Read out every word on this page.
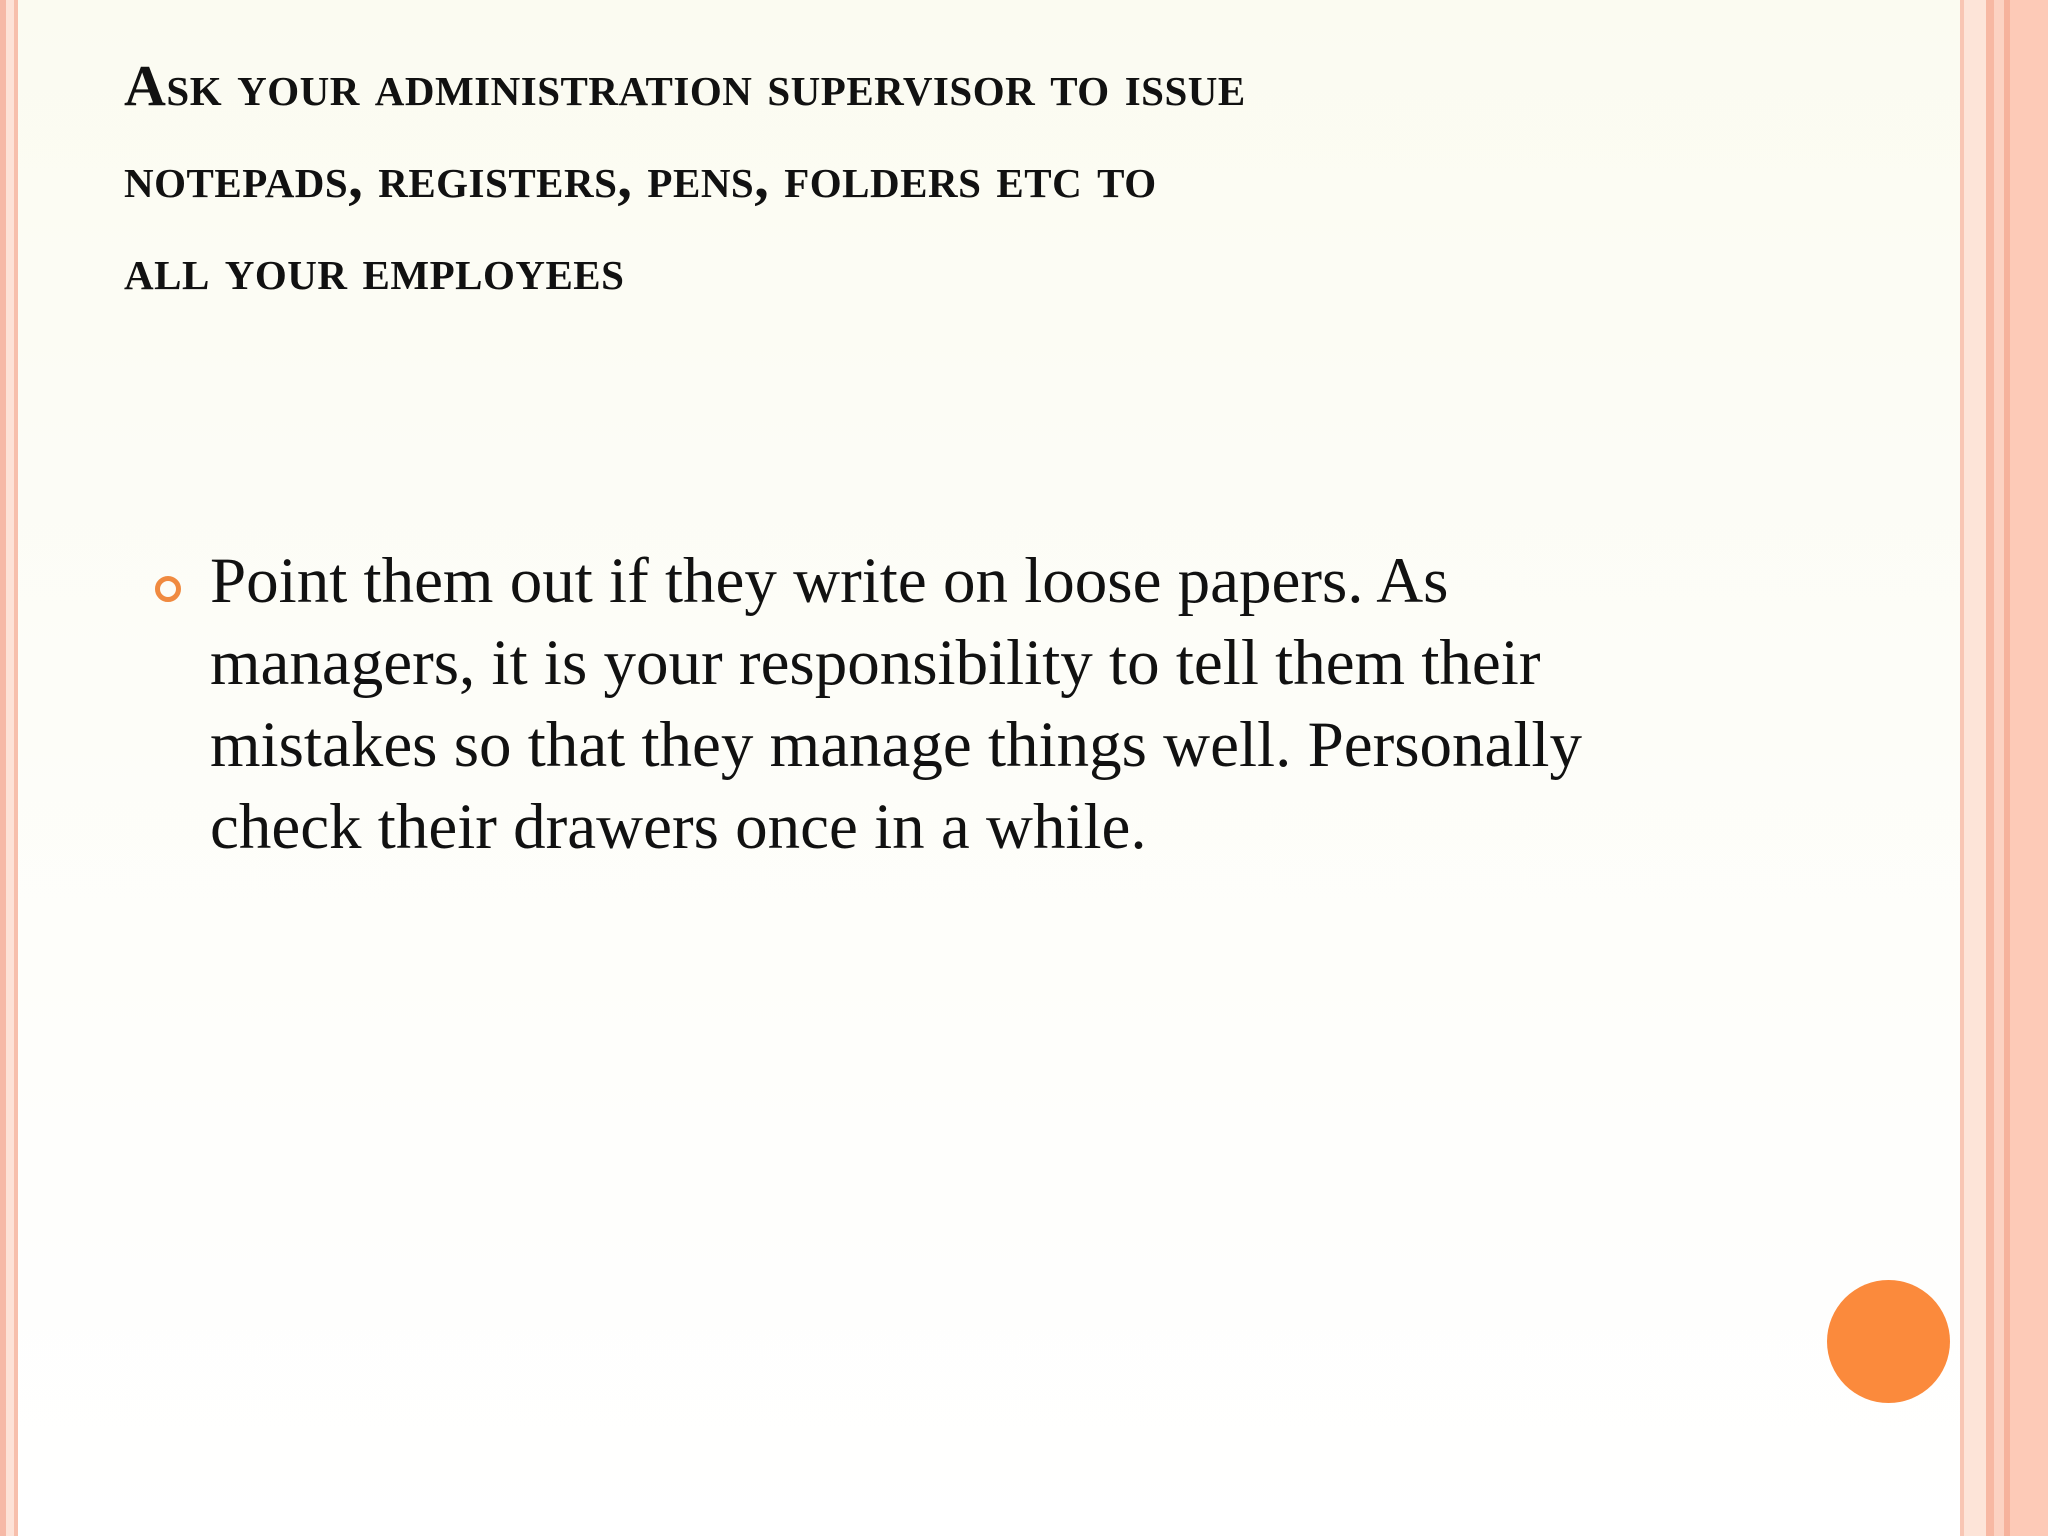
Ask your administration supervisor to issue
notepads, registers, pens, folders etc to
all your employees
Point them out if they write on loose papers. As
managers, it is your responsibility to tell them their
mistakes so that they manage things well. Personally
check their drawers once in a while.
